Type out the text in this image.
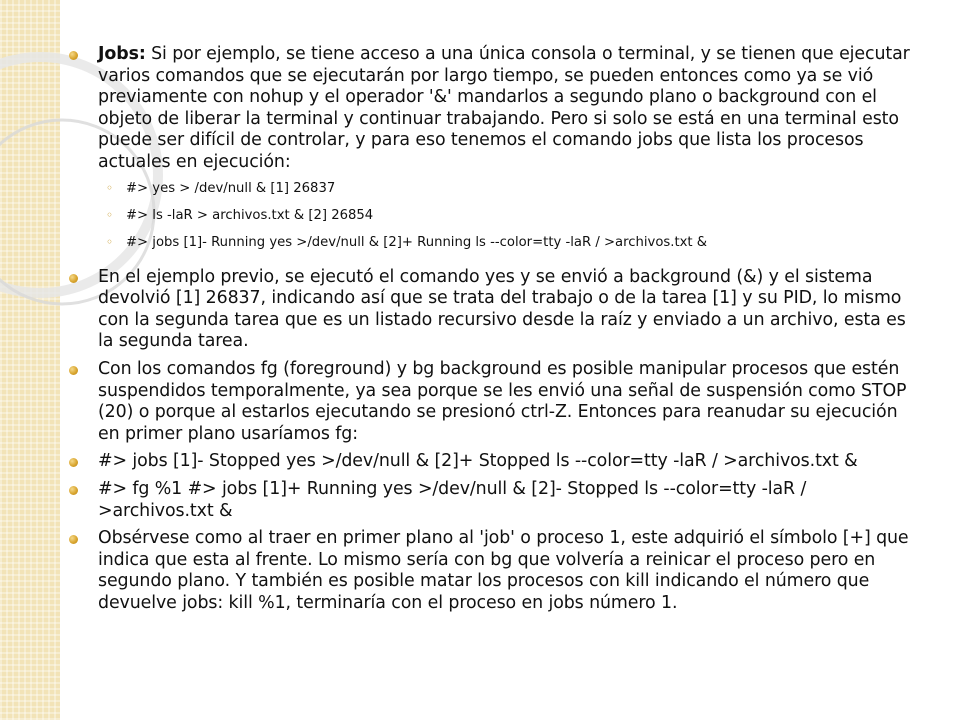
Jobs: Si por ejemplo, se tiene acceso a una única consola o terminal, y se tienen que ejecutar varios comandos que se ejecutarán por largo tiempo, se pueden entonces como ya se vió previamente con nohup y el operador '&' mandarlos a segundo plano o background con el objeto de liberar la terminal y continuar trabajando. Pero si solo se está en una terminal esto puede ser difícil de controlar, y para eso tenemos el comando jobs que lista los procesos actuales en ejecución:
◦ #> yes > /dev/null & [1] 26837
◦ #> ls -laR > archivos.txt & [2] 26854
◦ #> jobs [1]- Running yes >/dev/null & [2]+ Running ls --color=tty -laR / >archivos.txt &
En el ejemplo previo, se ejecutó el comando yes y se envió a background (&) y el sistema devolvió [1] 26837, indicando así que se trata del trabajo o de la tarea [1] y su PID, lo mismo con la segunda tarea que es un listado recursivo desde la raíz y enviado a un archivo, esta es la segunda tarea.
Con los comandos fg (foreground) y bg background es posible manipular procesos que estén suspendidos temporalmente, ya sea porque se les envió una señal de suspensión como STOP (20) o porque al estarlos ejecutando se presionó ctrl-Z. Entonces para reanudar su ejecución en primer plano usaríamos fg:
#> jobs [1]- Stopped yes >/dev/null & [2]+ Stopped ls --color=tty -laR / >archivos.txt &
#> fg %1 #> jobs [1]+ Running yes >/dev/null & [2]- Stopped ls --color=tty -laR / >archivos.txt &
Obsérvese como al traer en primer plano al 'job' o proceso 1, este adquirió el símbolo [+] que indica que esta al frente. Lo mismo sería con bg que volvería a reinicar el proceso pero en segundo plano. Y también es posible matar los procesos con kill indicando el número que devuelve jobs: kill %1, terminaría con el proceso en jobs número 1.
